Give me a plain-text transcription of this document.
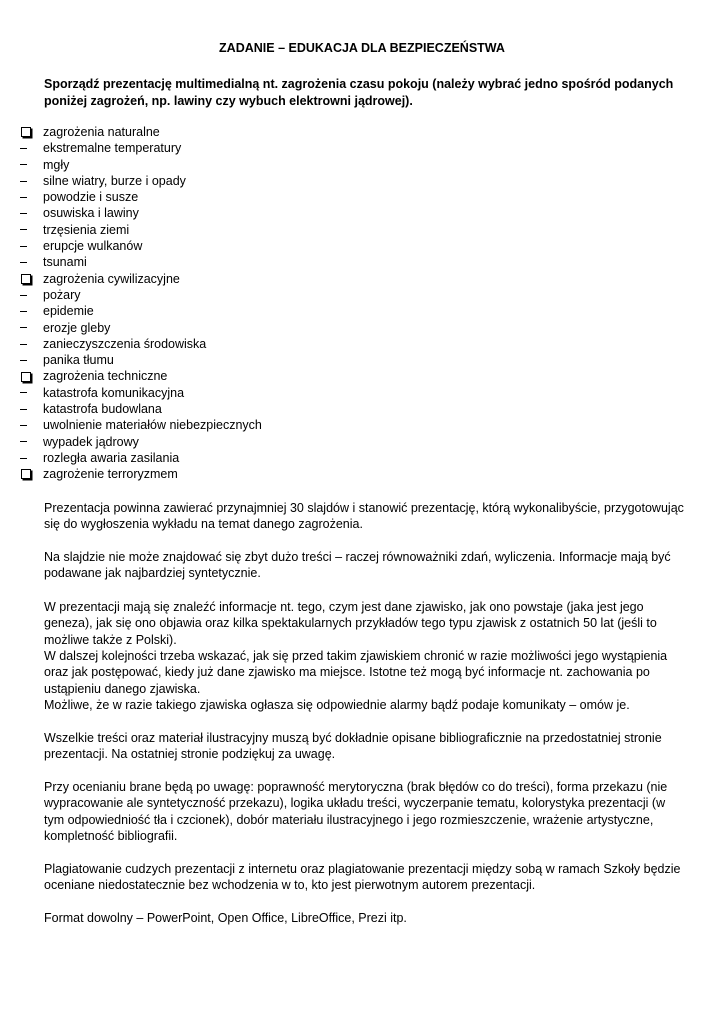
ZADANIE – EDUKACJA DLA BEZPIECZEŃSTWA
Sporządź prezentację multimedialną nt. zagrożenia czasu pokoju (należy wybrać jedno spośród podanych poniżej zagrożeń, np. lawiny czy wybuch elektrowni jądrowej).
zagrożenia naturalne
ekstremalne temperatury
mgły
silne wiatry, burze i opady
powodzie i susze
osuwiska i lawiny
trzęsienia ziemi
erupcje wulkanów
tsunami
zagrożenia cywilizacyjne
pożary
epidemie
erozje gleby
zanieczyszczenia środowiska
panika tłumu
zagrożenia techniczne
katastrofa komunikacyjna
katastrofa budowlana
uwolnienie materiałów niebezpiecznych
wypadek jądrowy
rozległa awaria zasilania
zagrożenie terroryzmem

Prezentacja powinna zawierać przynajmniej 30 slajdów i stanowić prezentację, którą wykonalibyście, przygotowując się do wygłoszenia wykładu na temat danego zagrożenia.

Na slajdzie nie może znajdować się zbyt dużo treści – raczej równoważniki zdań, wyliczenia. Informacje mają być podawane jak najbardziej syntetycznie.

W prezentacji mają się znaleźć informacje nt. tego, czym jest dane zjawisko, jak ono powstaje (jaka jest jego geneza), jak się ono objawia oraz kilka spektakularnych przykładów tego typu zjawisk z ostatnich 50 lat (jeśli to możliwe także z Polski).

W dalszej kolejności trzeba wskazać, jak się przed takim zjawiskiem chronić w razie możliwości jego wystąpienia oraz jak postępować, kiedy już dane zjawisko ma miejsce. Istotne też mogą być informacje nt. zachowania po ustąpieniu danego zjawiska.

Możliwe, że w razie takiego zjawiska ogłasza się odpowiednie alarmy bądź podaje komunikaty – omów je.

Wszelkie treści oraz materiał ilustracyjny muszą być dokładnie opisane bibliograficznie na przedostatniej stronie prezentacji. Na ostatniej stronie podziękuj za uwagę.

Przy ocenianiu brane będą po uwagę: poprawność merytoryczna (brak błędów co do treści), forma przekazu (nie wypracowanie ale syntetyczność przekazu), logika układu treści, wyczerpanie tematu, kolorystyka prezentacji (w tym odpowiedniość tła i czcionek), dobór materiału ilustracyjnego i jego rozmieszczenie, wrażenie artystyczne, kompletność bibliografii.

Plagiatowanie cudzych prezentacji z internetu oraz plagiatowanie prezentacji między sobą w ramach Szkoły będzie oceniane niedostatecznie bez wchodzenia w to, kto jest pierwotnym autorem prezentacji.

Format dowolny – PowerPoint, Open Office, LibreOffice, Prezi itp.
